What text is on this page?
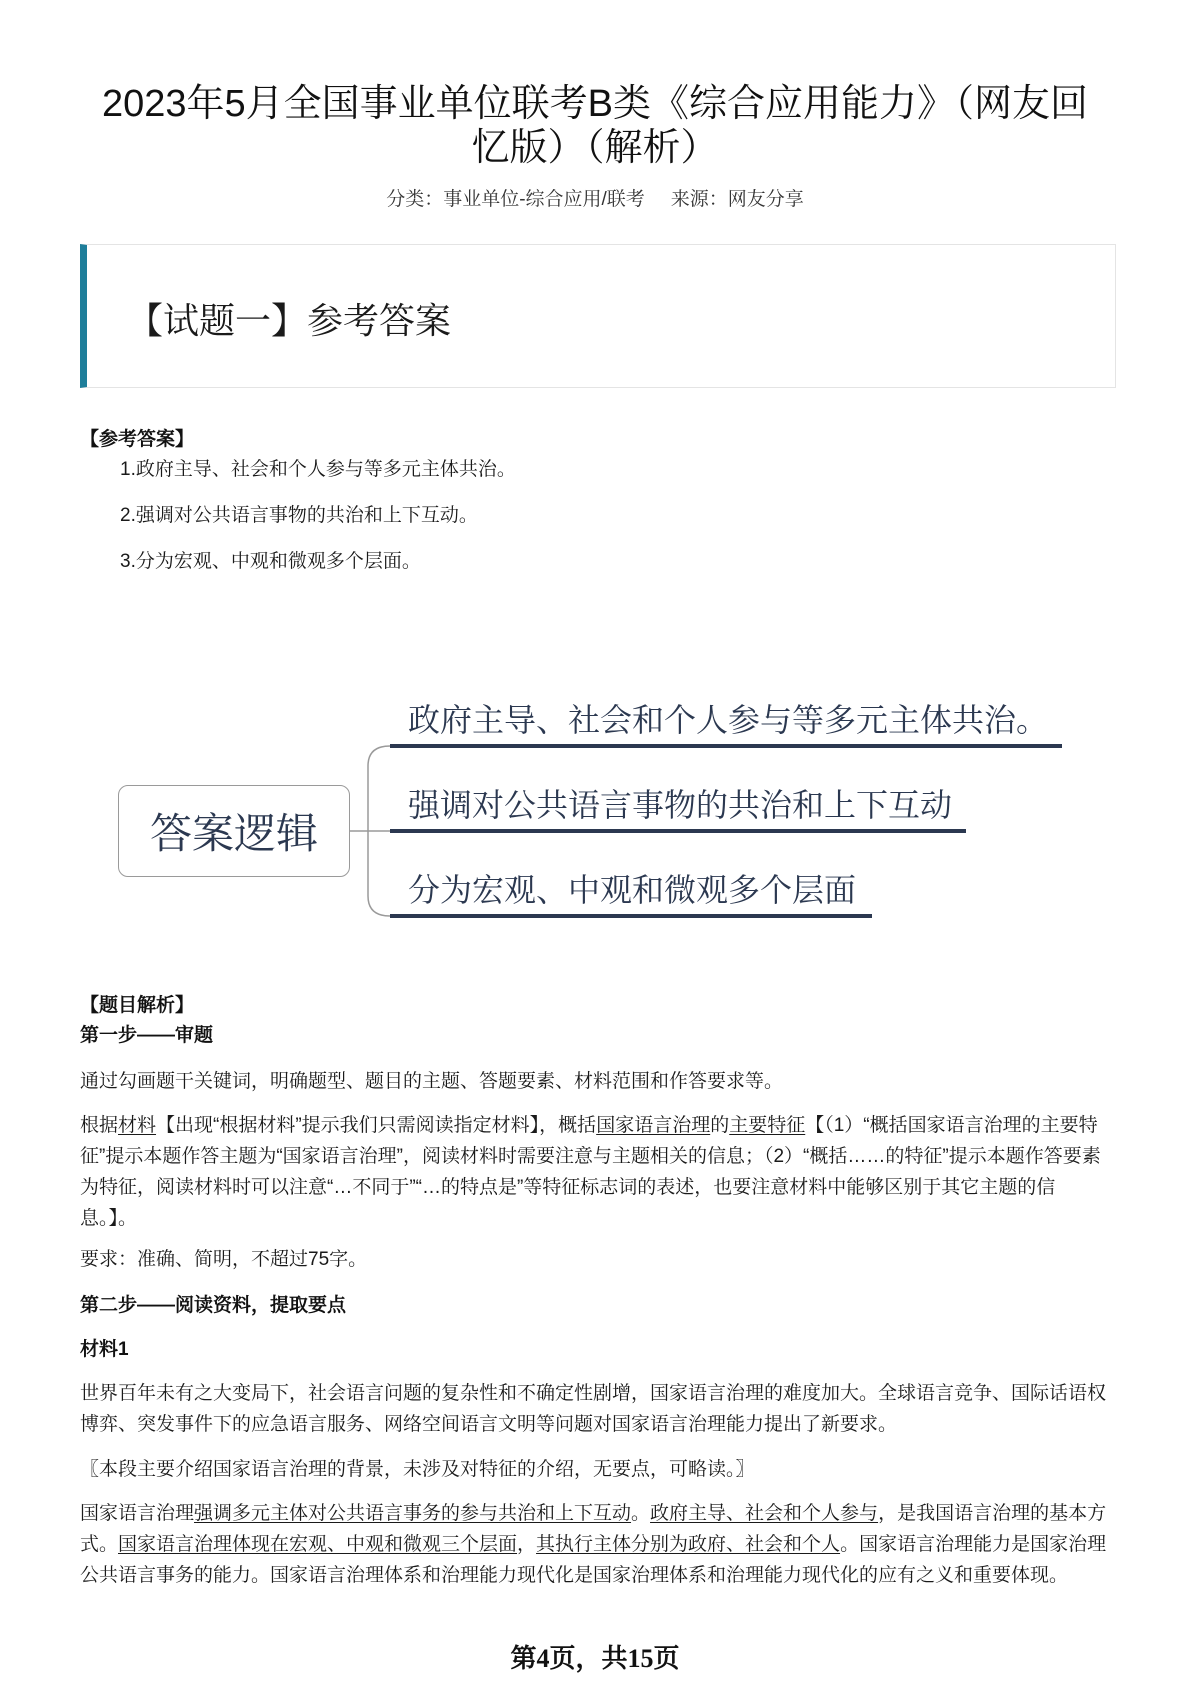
2023年5月全国事业单位联考B类《综合应用能力》（网友回忆版）（解析）
分类：事业单位-综合应用/联考 来源：网友分享
【试题一】参考答案
【参考答案】
1.政府主导、社会和个人参与等多元主体共治。
2.强调对公共语言事物的共治和上下互动。
3.分为宏观、中观和微观多个层面。
答案逻辑
政府主导、社会和个人参与等多元主体共治。
强调对公共语言事物的共治和上下互动
分为宏观、中观和微观多个层面
【题目解析】
第一步——审题
通过勾画题干关键词，明确题型、题目的主题、答题要素、材料范围和作答要求等。

根据材料【出现“根据材料”提示我们只需阅读指定材料】，概括国家语言治理的主要特征【（1）“概括国家语言治理的主要特征”提示本题作答主题为“国家语言治理”，阅读材料时需要注意与主题相关的信息；（2）“概括……的特征”提示本题作答要素为特征，阅读材料时可以注意“…不同于”“…的特点是”等特征标志词的表述，也要注意材料中能够区别于其它主题的信息。】。

要求：准确、简明，不超过75字。
第二步——阅读资料，提取要点
材料1
世界百年未有之大变局下，社会语言问题的复杂性和不确定性剧增，国家语言治理的难度加大。全球语言竞争、国际话语权博弈、突发事件下的应急语言服务、网络空间语言文明等问题对国家语言治理能力提出了新要求。
〖本段主要介绍国家语言治理的背景，未涉及对特征的介绍，无要点，可略读。〗

国家语言治理强调多元主体对公共语言事务的参与共治和上下互动。政府主导、社会和个人参与，是我国语言治理的基本方式。国家语言治理体现在宏观、中观和微观三个层面，其执行主体分别为政府、社会和个人。国家语言治理能力是国家治理公共语言事务的能力。国家语言治理体系和治理能力现代化是国家治理体系和治理能力现代化的应有之义和重要体现。

第4页，共15页
